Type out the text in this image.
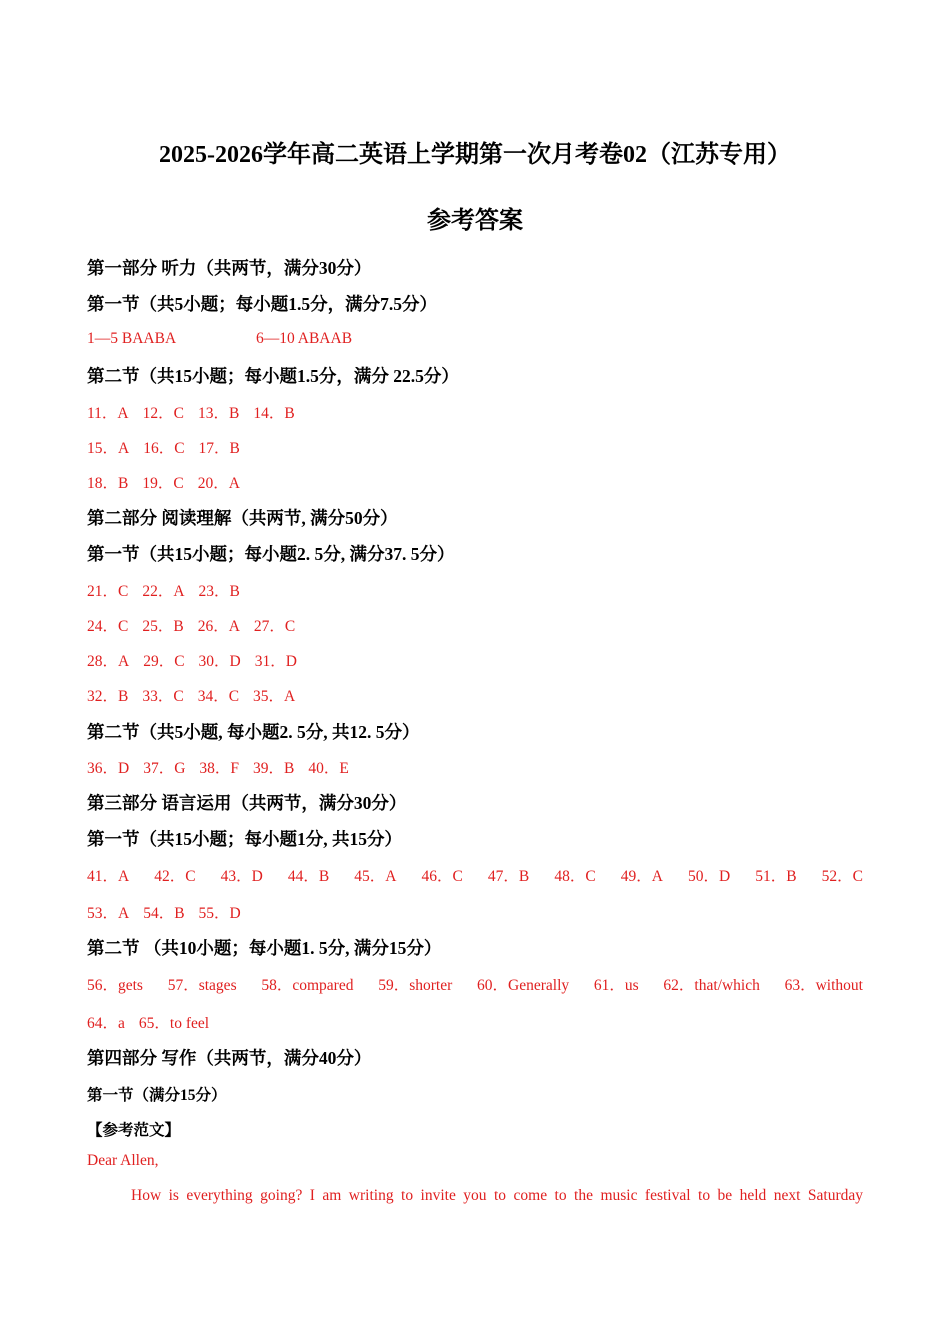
2025-2026学年高二英语上学期第一次月考卷02（江苏专用）
参考答案
第一部分 听力（共两节，满分30分）
第一节（共5小题；每小题1.5分，满分7.5分）
1—5 BAABA	6—10 ABAAB
第二节（共15小题；每小题1.5分，满分 22.5分）
11．A 12．C 13．B 14．B
15．A 16．C 17．B
18．B 19．C 20．A
第二部分 阅读理解（共两节, 满分50分）
第一节（共15小题；每小题2. 5分, 满分37. 5分）
21．C 22．A 23．B
24．C 25．B 26．A 27．C
28．A 29．C 30．D 31．D
32．B 33．C 34．C 35．A
第二节（共5小题, 每小题2. 5分, 共12. 5分）
36．D 37．G 38．F 39．B 40．E
第三部分 语言运用（共两节，满分30分）
第一节（共15小题；每小题1分, 共15分）
41．A 42．C 43．D 44．B 45．A 46．C 47．B 48．C 49．A 50．D 51．B 52．C
53．A 54．B 55．D
第二节 （共10小题；每小题1. 5分, 满分15分）
56．gets 57．stages 58．compared 59．shorter 60．Generally 61．us 62．that/which 63．without
64．a 65．to feel
第四部分 写作（共两节，满分40分）
第一节（满分15分）
【参考范文】
Dear Allen,
How is everything going? I am writing to invite you to come to the music festival to be held next Saturday
